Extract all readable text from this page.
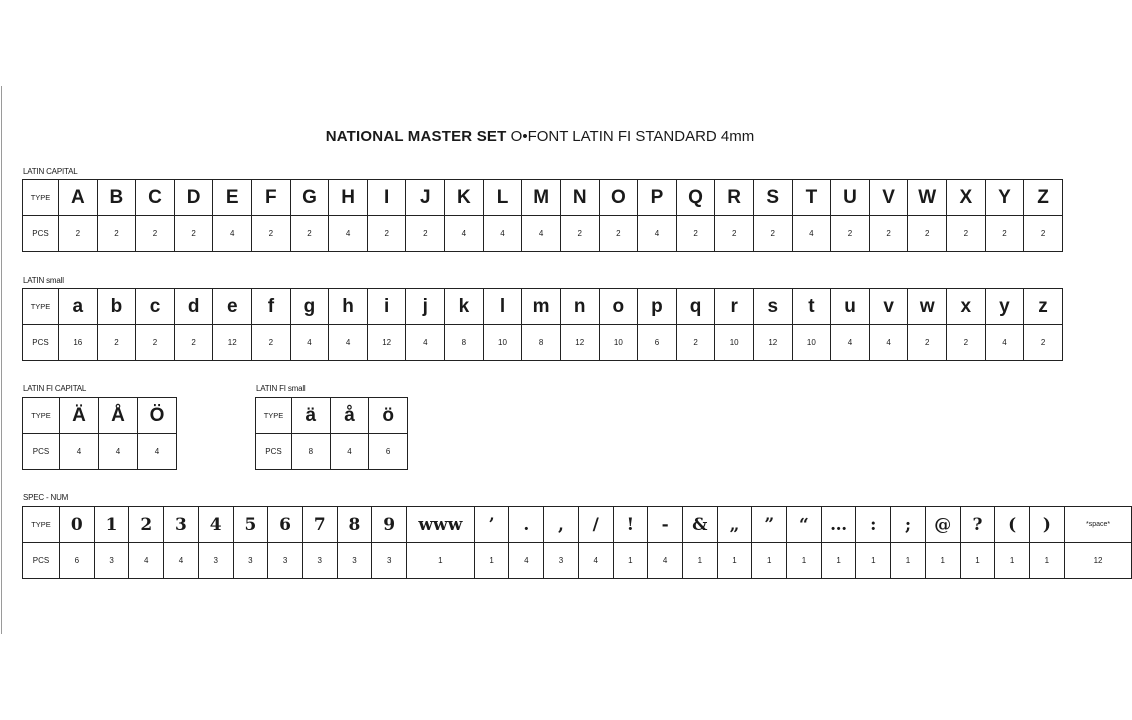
NATIONAL MASTER SET O•FONT LATIN FI STANDARD 4mm
LATIN CAPITAL
TYPE	A	B	C	D	E	F	G	H	I	J	K	L	M	N	O	P	Q	R	S	T	U	V	W	X	Y	Z
PCS	2	2	2	2	4	2	2	4	2	2	4	4	4	2	2	4	2	2	2	4	2	2	2	2	2	2
LATIN small
TYPE	a	b	c	d	e	f	g	h	i	j	k	l	m	n	o	p	q	r	s	t	u	v	w	x	y	z
PCS	16	2	2	2	12	2	4	4	12	4	8	10	8	12	10	6	2	10	12	10	4	4	2	2	4	2
LATIN FI CAPITAL
TYPE	Ä	Å	Ö
PCS	4	4	4
LATIN FI small
TYPE	ä	å	ö
PCS	8	4	6
SPEC - NUM
TYPE	0	1	2	3	4	5	6	7	8	9	www	’	.	,	/	!	-	&	„	”	“	…	:	;	@	?	(	)	*space*
PCS	6	3	4	4	3	3	3	3	3	3	1	1	4	3	4	1	4	1	1	1	1	1	1	1	1	1	1	1	12
